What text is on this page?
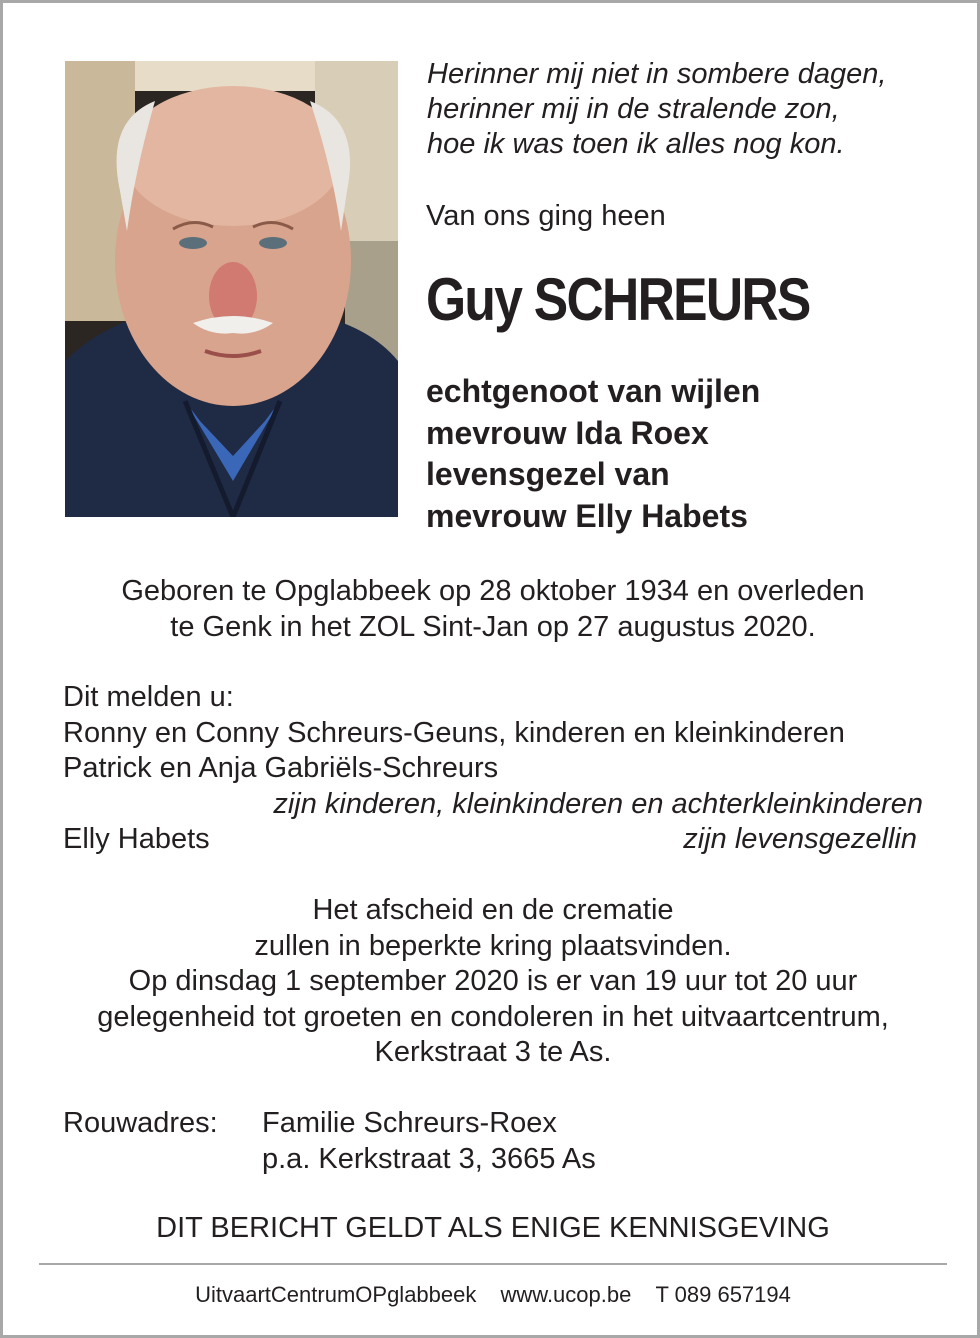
Herinner mij niet in sombere dagen,
herinner mij in de stralende zon,
hoe ik was toen ik alles nog kon.
Van ons ging heen
Guy SCHREURS
echtgenoot van wijlen
mevrouw Ida Roex
levensgezel van
mevrouw Elly Habets
Geboren te Opglabbeek op 28 oktober 1934 en overleden
te Genk in het ZOL Sint-Jan op 27 augustus 2020.
Dit melden u:
Ronny en Conny Schreurs-Geuns, kinderen en kleinkinderen
Patrick en Anja Gabriëls-Schreurs
zijn kinderen, kleinkinderen en achterkleinkinderen
Elly Habets	zijn levensgezellin
Het afscheid en de crematie
zullen in beperkte kring plaatsvinden.
Op dinsdag 1 september 2020 is er van 19 uur tot 20 uur
gelegenheid tot groeten en condoleren in het uitvaartcentrum,
Kerkstraat 3 te As.
Rouwadres: Familie Schreurs-Roex
p.a. Kerkstraat 3, 3665 As
DIT BERICHT GELDT ALS ENIGE KENNISGEVING
UitvaartCentrumOPglabbeek www.ucop.be T 089 657194
